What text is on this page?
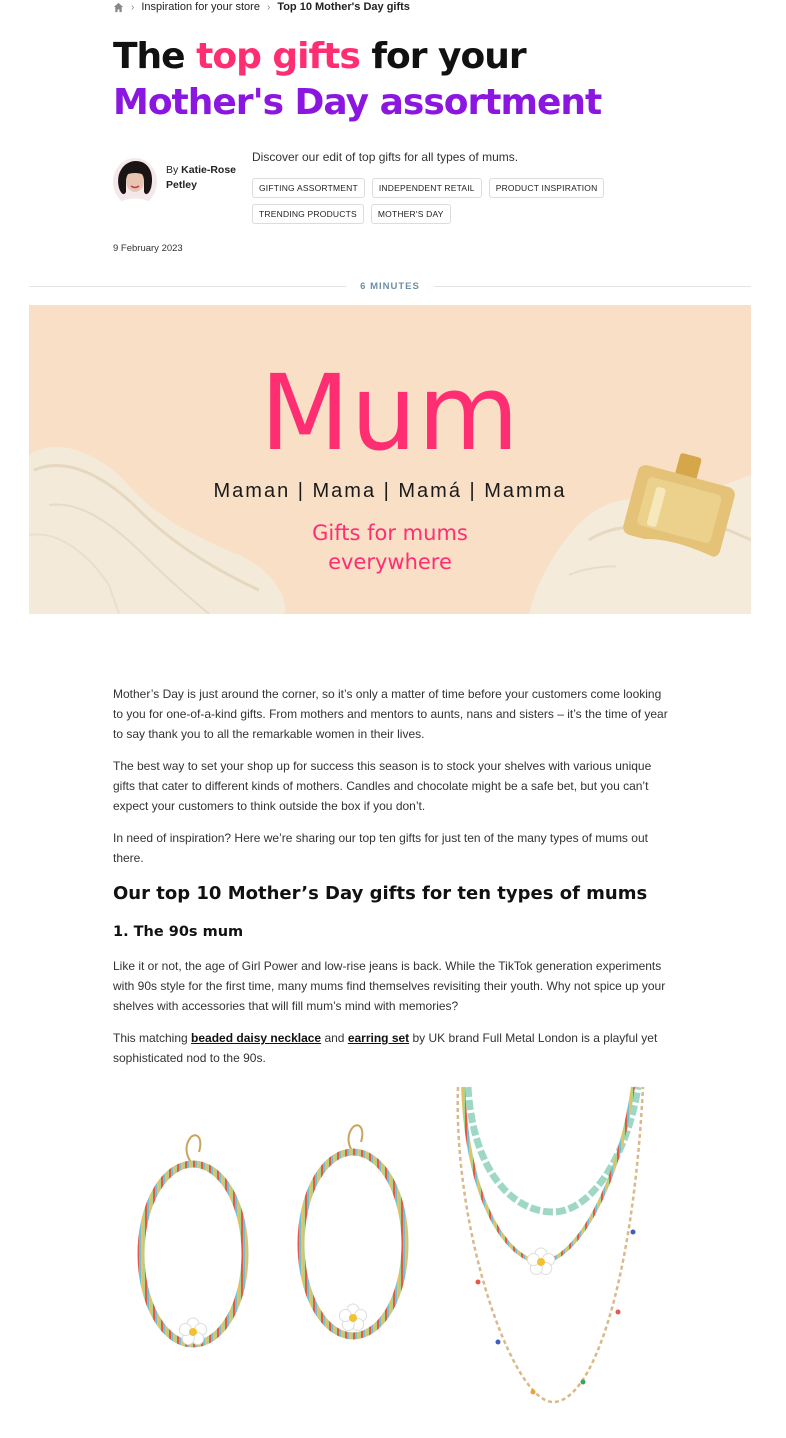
› Inspiration for your store › Top 10 Mother's Day gifts
The top gifts for your
Mother's Day assortment
By Katie-Rose Petley

Discover our edit of top gifts for all types of mums.

GIFTING ASSORTMENT	INDEPENDENT RETAIL	PRODUCT INSPIRATION
TRENDING PRODUCTS	MOTHER'S DAY
9 February 2023
6 MINUTES
Mum
Maman | Mama | Mamá | Mamma
Gifts for mums
everywhere

Mother’s Day is just around the corner, so it’s only a matter of time before your customers come looking to you for one-of-a-kind gifts. From mothers and mentors to aunts, nans and sisters – it’s the time of year to say thank you to all the remarkable women in their lives.

The best way to set your shop up for success this season is to stock your shelves with various unique gifts that cater to different kinds of mothers. Candles and chocolate might be a safe bet, but you can’t expect your customers to think outside the box if you don’t.

In need of inspiration? Here we’re sharing our top ten gifts for just ten of the many types of mums out there.

Our top 10 Mother’s Day gifts for ten types of mums
1. The 90s mum

Like it or not, the age of Girl Power and low-rise jeans is back. While the TikTok generation experiments with 90s style for the first time, many mums find themselves revisiting their youth. Why not spice up your shelves with accessories that will fill mum’s mind with memories?

This matching beaded daisy necklace and earring set by UK brand Full Metal London is a playful yet sophisticated nod to the 90s.
